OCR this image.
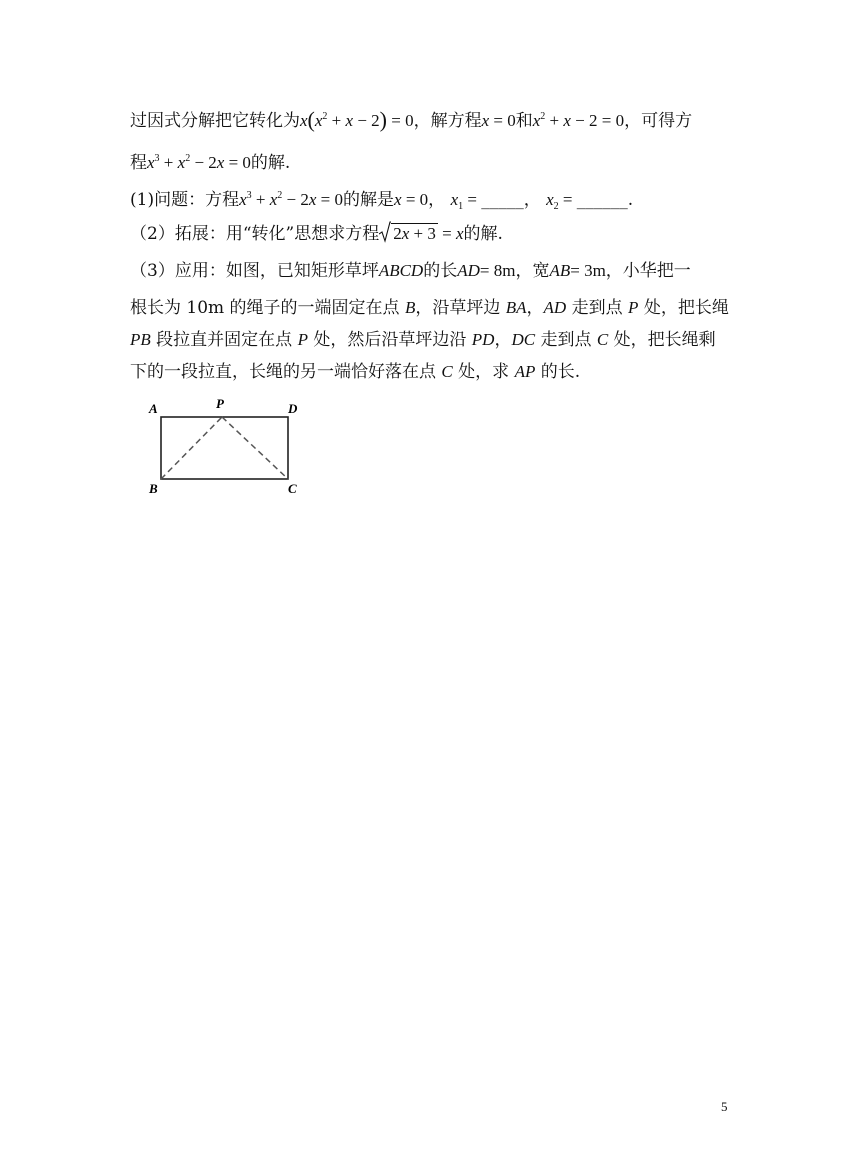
过因式分解把它转化为$x(x^2 + x - 2) = 0$，解方程x = 0和$x^2 + x - 2 = 0$，可得方
程$x^3 + x^2 - 2x = 0$的解.
(1)问题：方程$x^3 + x^2 - 2x = 0$的解是x = 0， $x_1$ = _____， $x_2$ = ______.
（2）拓展：用“转化”思想求方程 2x + 3 = x的解.
（3）应用：如图，已知矩形草坪ABCD的长AD= 8m，宽AB= 3m，小华把一
根长为 10m 的绳子的一端固定在点 B，沿草坪边 BA，AD 走到点 P 处，把长绳
PB 段拉直并固定在点 P 处，然后沿草坪边沿 PD，DC 走到点 C 处，把长绳剩
下的一段拉直，长绳的另一端恰好落在点 C 处，求 AP 的长.
A	P	D
B	C
5
